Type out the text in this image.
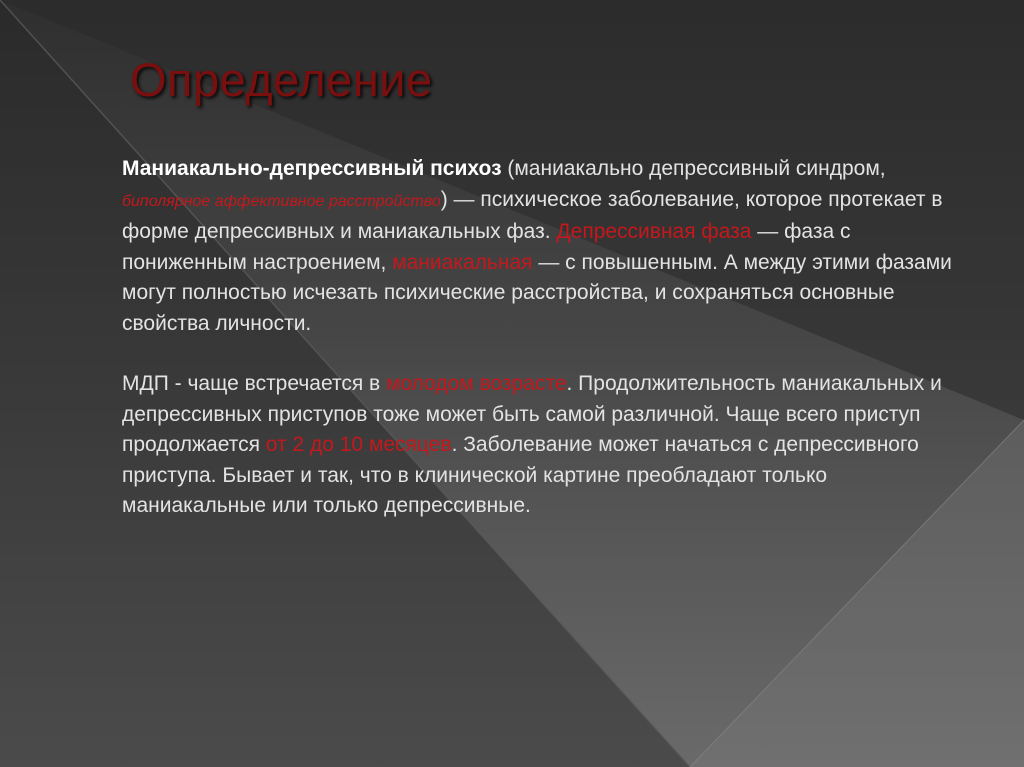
Определение

Маниакально-депрессивный психоз (маниакально депрессивный синдром, биполярное аффективное расстройство) — психическое заболевание, которое протекает в форме депрессивных и маниакальных фаз. Депрессивная фаза — фаза с пониженным настроением, маниакальная — с повышенным. А между этими фазами могут полностью исчезать психические расстройства, и сохраняться основные свойства личности.

МДП - чаще встречается в молодом возрасте. Продолжительность маниакальных и депрессивных приступов тоже может быть самой различной. Чаще всего приступ продолжается от 2 до 10 месяцев. Заболевание может начаться с депрессивного приступа. Бывает и так, что в клинической картине преобладают только маниакальные или только депрессивные.
